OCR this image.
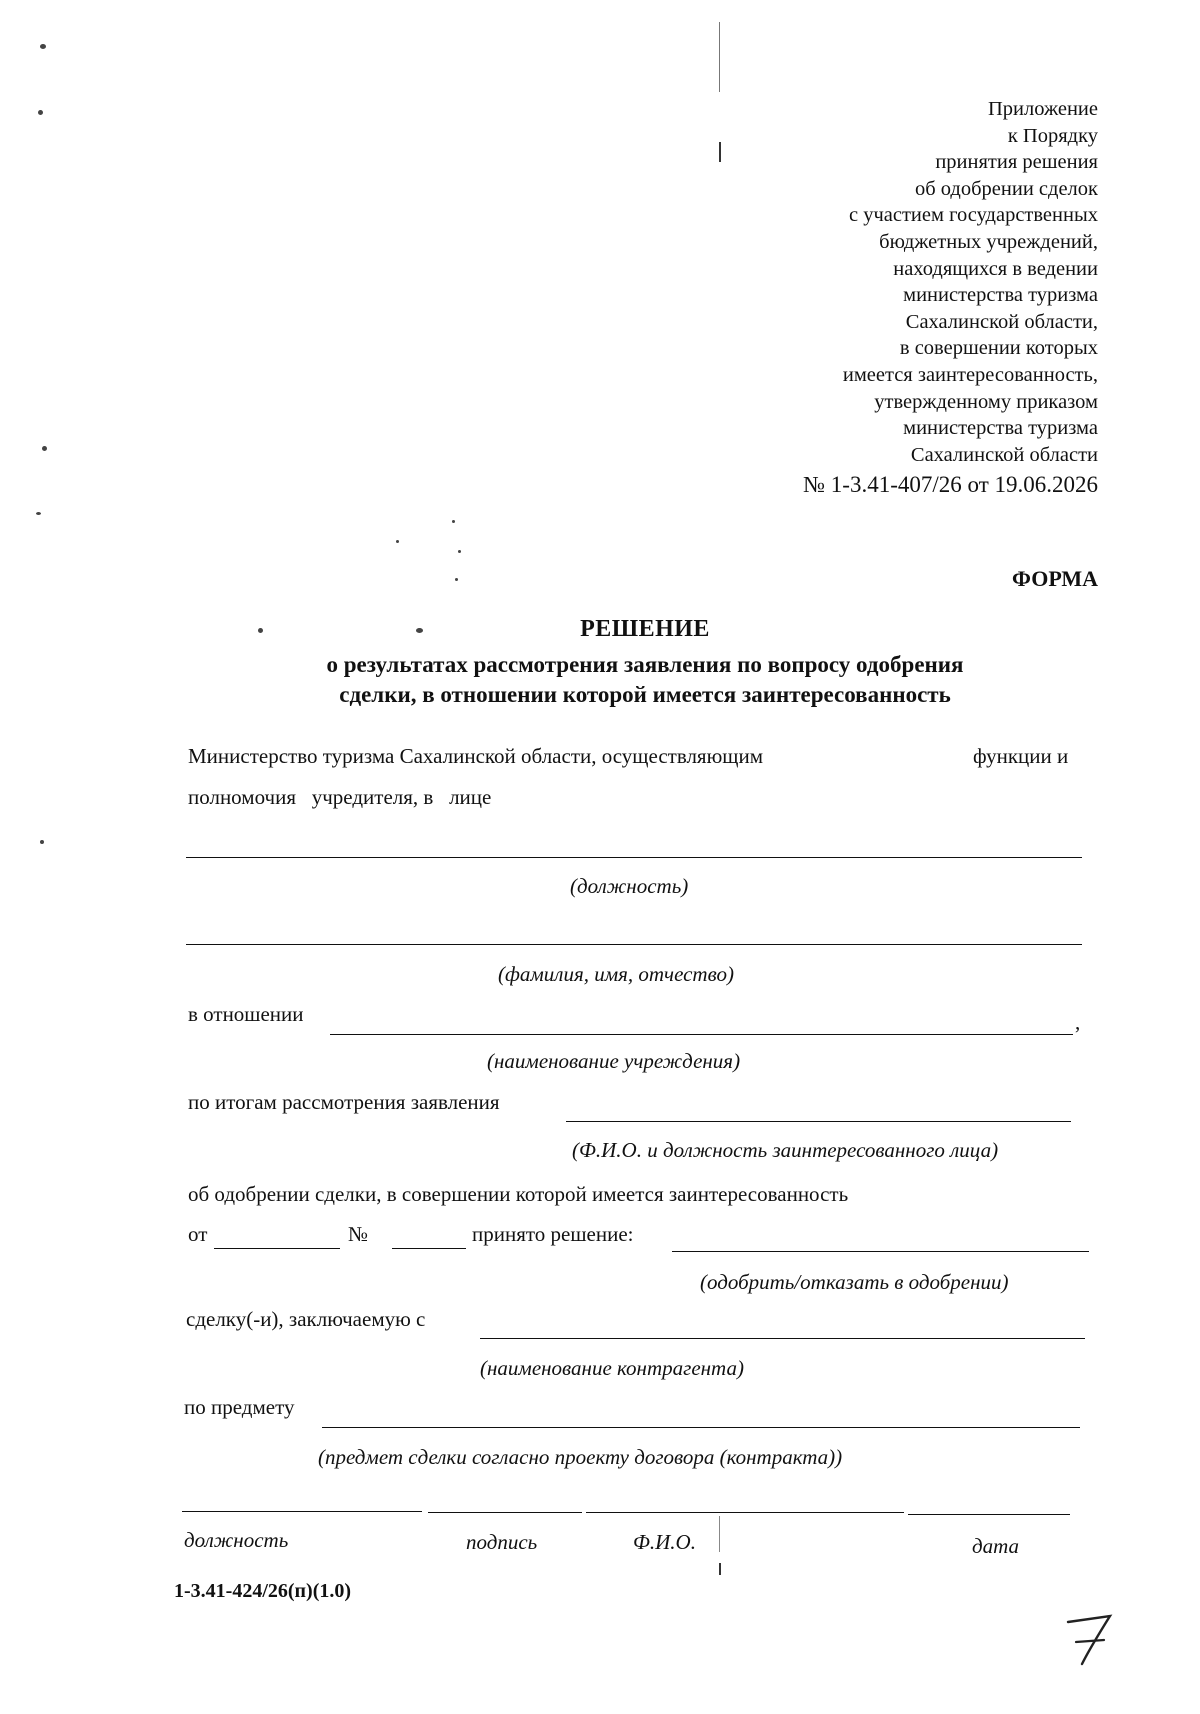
Приложение
к Порядку
принятия решения
об одобрении сделок
с участием государственных
бюджетных учреждений,
находящихся в ведении
министерства туризма
Сахалинской области,
в совершении которых
имеется заинтересованность,
утвержденному приказом
министерства туризма
Сахалинской области
№ 1-3.41-407/26 от 19.06.2026
ФОРМА
РЕШЕНИЕ
о результатах рассмотрения заявления по вопросу одобрения
сделки, в отношении которой имеется заинтересованность
Министерство туризма Сахалинской области, осуществляющим	функции и
полномочия   учредителя, в   лице
(должность)
(фамилия, имя, отчество)
в отношении	,
(наименование учреждения)
по итогам рассмотрения заявления
(Ф.И.О. и должность заинтересованного лица)
об одобрении сделки, в совершении которой имеется заинтересованность
от	№	принято решение:
(одобрить/отказать в одобрении)
сделку(-и), заключаемую с
(наименование контрагента)
по предмету
(предмет сделки согласно проекту договора (контракта))
должность	подпись	Ф.И.О.	дата
1-3.41-424/26(п)(1.0)
